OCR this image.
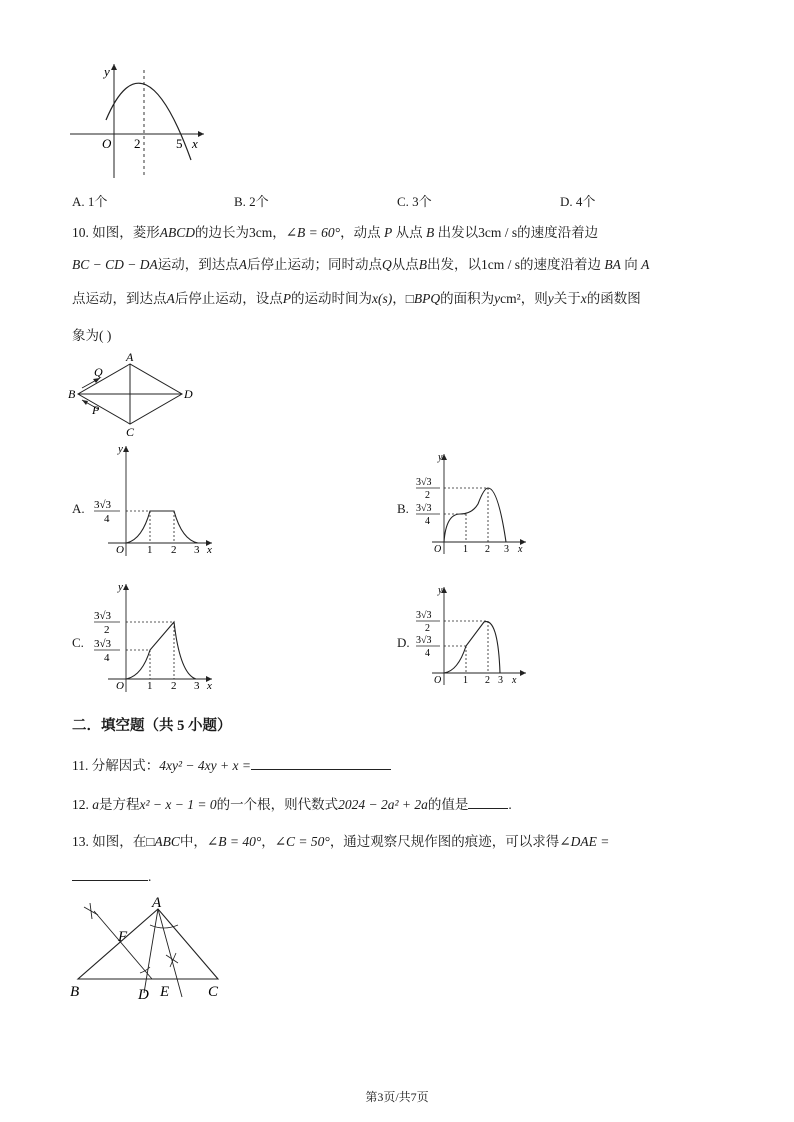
y
O 2	5 x
A. 1个	B. 2个	C. 3个	D. 4个
10. 如图，菱形ABCD的边长为3cm，∠B = 60°，动点 P 从点 B 出发以3cm / s的速度沿着边
BC − CD − DA运动，到达点A后停止运动；同时动点Q从点B出发，以1cm / s的速度沿着边 BA 向 A
点运动，到达点A后停止运动，设点P的运动时间为x(s)，□BPQ的面积为ycm²，则y关于x的函数图
象为( )
A
B
C
D
P
Q
A.
y
O 1 2 3 x
3√3
4
B.
y
O 1 2 3 x
3√3
2
3√3
4
C.
y
O 1 2 3 x
3√3
2
3√3
4
D.
y
O 1 2 3 x
3√3
2
3√3
4
二．填空题（共 5 小题）
11. 分解因式：4xy² − 4xy + x =
12. a是方程x² − x − 1 = 0的一个根，则代数式2024 − 2a² + 2a的值是	.
13. 如图，在□ABC中，∠B = 40°，∠C = 50°，通过观察尺规作图的痕迹，可以求得∠DAE =
.
A
B	C
D E
F
第3页/共7页
